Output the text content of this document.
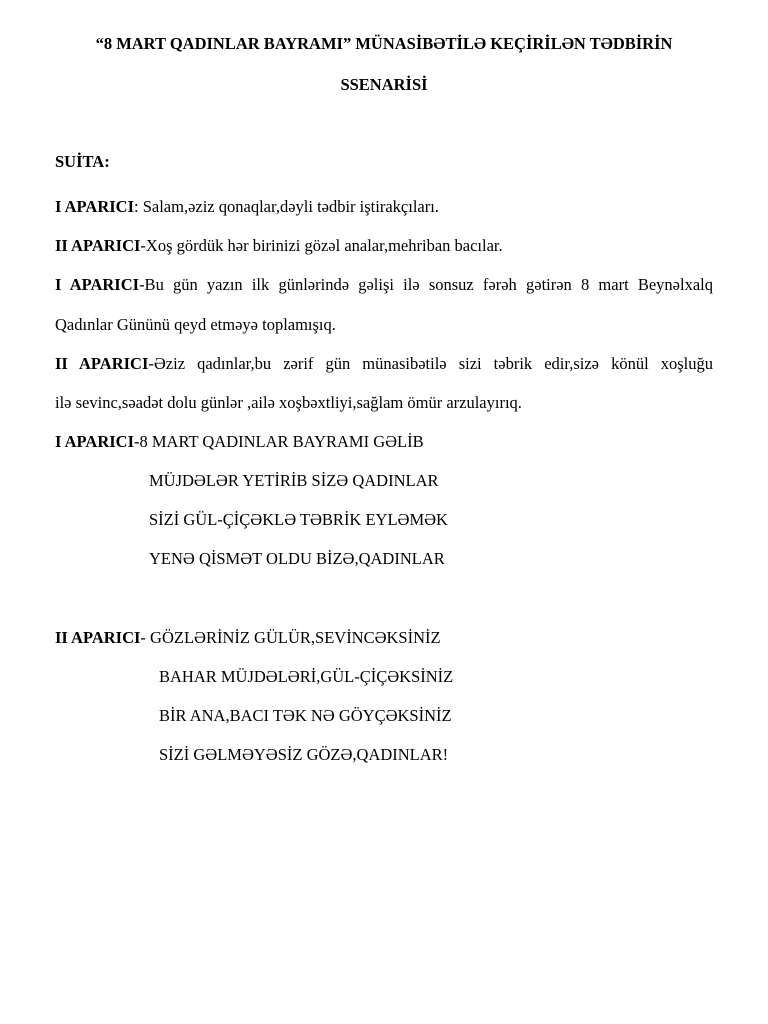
“8 MART QADINLAR BAYRAMI” MÜNASİBƏTİLƏ KEÇİRİLƏN TƏDBİRİN
SSENARİSİ
SUİTA:
I APARICI: Salam,əziz qonaqlar,dəyli tədbir iştirakçıları.
II APARICI-Xoş gördük hər birinizi gözəl analar,mehriban bacılar.
I APARICI-Bu gün yazın ilk günlərində gəlişi ilə sonsuz fərəh gətirən 8 mart Beynəlxalq
Qadınlar Gününü qeyd etməyə toplamışıq.
II APARICI-Əziz qadınlar,bu zərif gün münasibətilə sizi təbrik edir,sizə könül xoşluğu
ilə sevinc,səadət dolu günlər ,ailə xoşbəxtliyi,sağlam ömür arzulayırıq.
I APARICI-8 MART QADINLAR BAYRAMI GƏLİB
MÜJDƏLƏR YETİRİB SİZƏ QADINLAR
SİZİ GÜL-ÇİÇƏKLƏ TƏBRİK EYLƏMƏK
YENƏ QİSMƏT OLDU BİZƏ,QADINLAR
II APARICI- GÖZLƏRİNİZ GÜLÜR,SEVİNCƏKSİNİZ
BAHAR MÜJDƏLƏRİ,GÜL-ÇİÇƏKSİNİZ
BİR ANA,BACI TƏK NƏ GÖYÇƏKSİNİZ
SİZİ GƏLMƏYƏSİZ GÖZƏ,QADINLAR!
